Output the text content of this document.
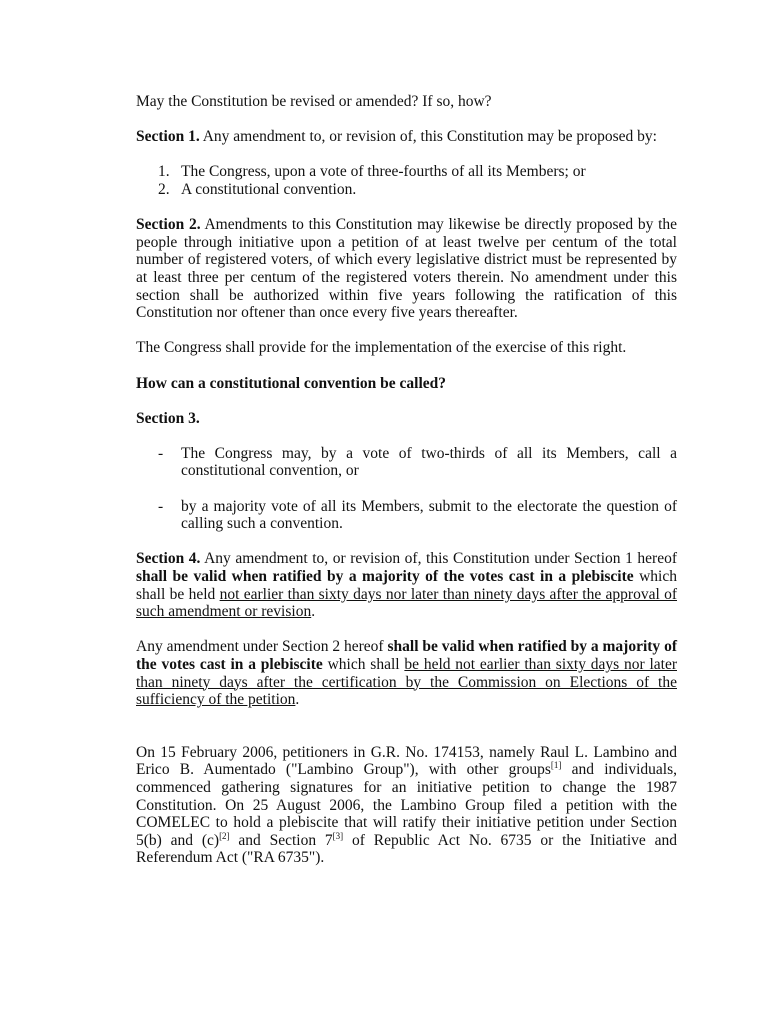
May the Constitution be revised or amended? If so, how?

Section 1. Any amendment to, or revision of, this Constitution may be proposed by:

1. The Congress, upon a vote of three-fourths of all its Members; or
2. A constitutional convention.

Section 2. Amendments to this Constitution may likewise be directly proposed by the people through initiative upon a petition of at least twelve per centum of the total number of registered voters, of which every legislative district must be represented by at least three per centum of the registered voters therein. No amendment under this section shall be authorized within five years following the ratification of this Constitution nor oftener than once every five years thereafter.

The Congress shall provide for the implementation of the exercise of this right.

How can a constitutional convention be called?

Section 3.

- The Congress may, by a vote of two-thirds of all its Members, call a constitutional convention, or
- by a majority vote of all its Members, submit to the electorate the question of calling such a convention.

Section 4. Any amendment to, or revision of, this Constitution under Section 1 hereof shall be valid when ratified by a majority of the votes cast in a plebiscite which shall be held not earlier than sixty days nor later than ninety days after the approval of such amendment or revision.

Any amendment under Section 2 hereof shall be valid when ratified by a majority of the votes cast in a plebiscite which shall be held not earlier than sixty days nor later than ninety days after the certification by the Commission on Elections of the sufficiency of the petition.

On 15 February 2006, petitioners in G.R. No. 174153, namely Raul L. Lambino and Erico B. Aumentado ("Lambino Group"), with other groups[1] and individuals, commenced gathering signatures for an initiative petition to change the 1987 Constitution. On 25 August 2006, the Lambino Group filed a petition with the COMELEC to hold a plebiscite that will ratify their initiative petition under Section 5(b) and (c)[2] and Section 7[3] of Republic Act No. 6735 or the Initiative and Referendum Act ("RA 6735").
